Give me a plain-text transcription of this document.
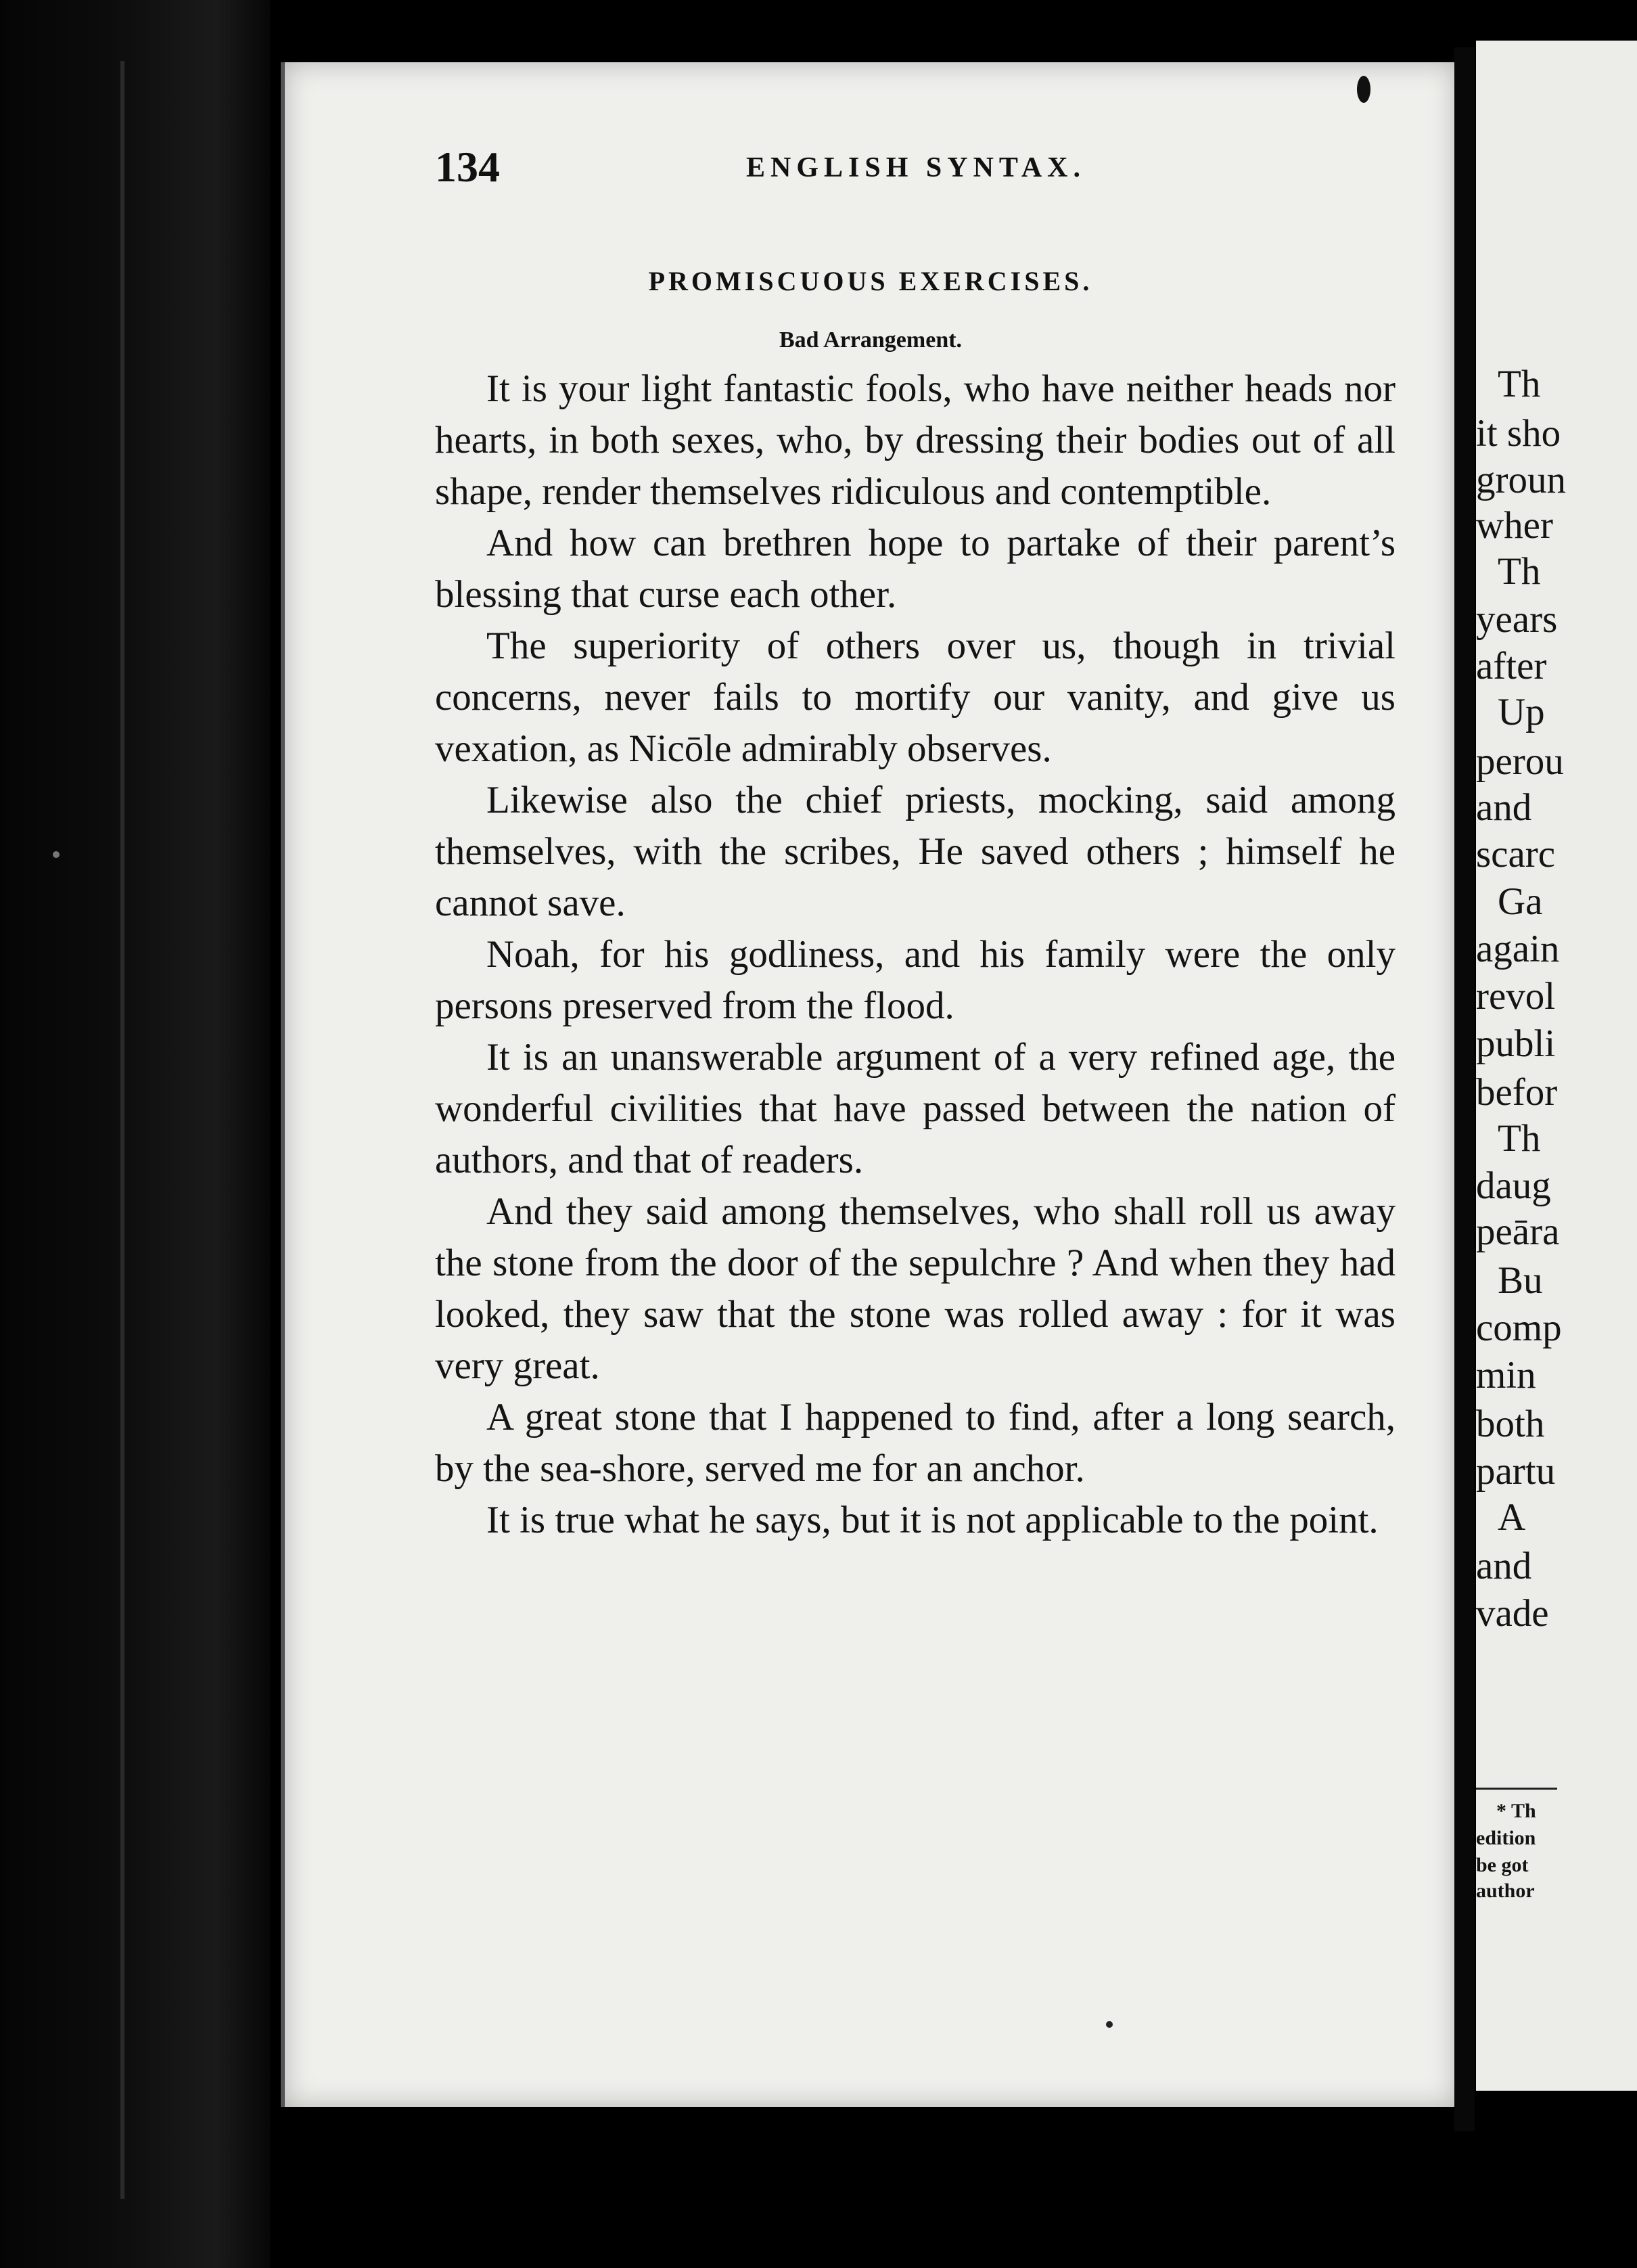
134	ENGLISH SYNTAX.
PROMISCUOUS EXERCISES.
Bad Arrangement.

It is your light fantastic fools, who have neither heads nor hearts, in both sexes, who, by dressing their bodies out of all shape, render themselves ridiculous and contemptible.

And how can brethren hope to partake of their parent’s blessing that curse each other.

The superiority of others over us, though in trivial concerns, never fails to mortify our vanity, and give us vexation, as Nicōle admirably observes.

Likewise also the chief priests, mocking, said among themselves, with the scribes, He saved others ; himself he cannot save.

Noah, for his godliness, and his family were the only persons preserved from the flood.

It is an unanswerable argument of a very refined age, the wonderful civilities that have passed between the nation of authors, and that of readers.

And they said among themselves, who shall roll us away the stone from the door of the sepulchre ? And when they had looked, they saw that the stone was rolled away : for it was very great.

A great stone that I happened to find, after a long search, by the sea-shore, served me for an anchor.

It is true what he says, but it is not applicable to the point.

Th
it sho
groun
wher
Th
years
after
Up
perou
and
scarc
Ga
again
revol
publi
befor
Th
daug
peāra
Bu
comp
min
both
partu
A
and
vade
* Th
edition
be got
author
